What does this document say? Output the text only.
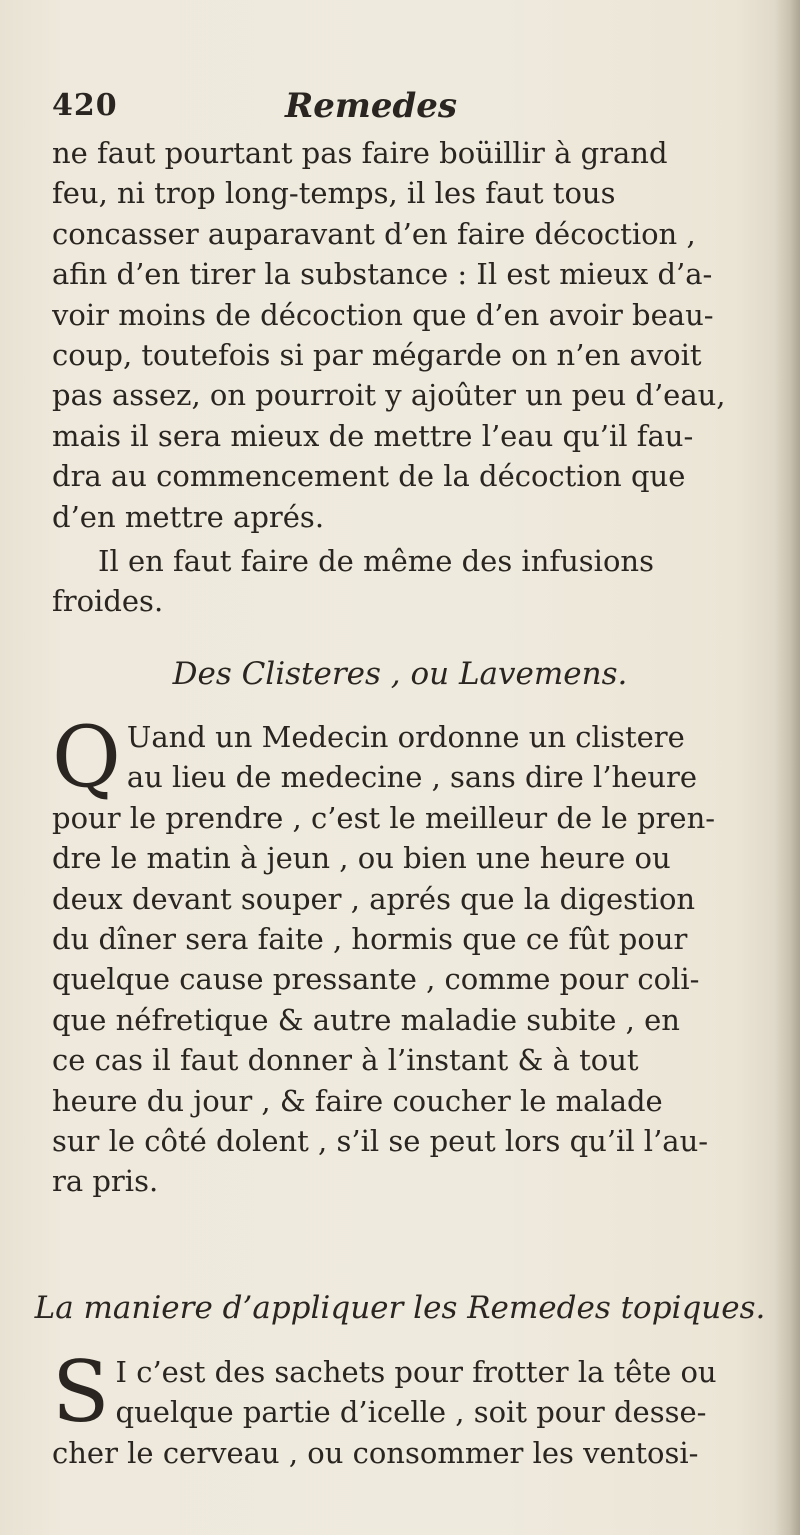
420	Remedes
ne faut pourtant pas faire boüillir à grand
feu, ni trop long-temps, il les faut tous
concasser auparavant d’en faire décoction ,
afin d’en tirer la substance : Il est mieux d’a-
voir moins de décoction que d’en avoir beau-
coup, toutefois si par mégarde on n’en avoit
pas assez, on pourroit y ajoûter un peu d’eau,
mais il sera mieux de mettre l’eau qu’il fau-
dra au commencement de la décoction que
d’en mettre aprés.
Il en faut faire de même des infusions
froides.
Des Clisteres , ou Lavemens.
Q Uand un Medecin ordonne un clistere
au lieu de medecine , sans dire l’heure
pour le prendre , c’est le meilleur de le pren-
dre le matin à jeun , ou bien une heure ou
deux devant souper , aprés que la digestion
du dîner sera faite , hormis que ce fût pour
quelque cause pressante , comme pour coli-
que néfretique & autre maladie subite , en
ce cas il faut donner à l’instant & à tout
heure du jour , & faire coucher le malade
sur le côté dolent , s’il se peut lors qu’il l’au-
ra pris.
La maniere d’appliquer les Remedes topiques.
S I c’est des sachets pour frotter la tête ou
quelque partie d’icelle , soit pour desse-
cher le cerveau , ou consommer les ventosi-
